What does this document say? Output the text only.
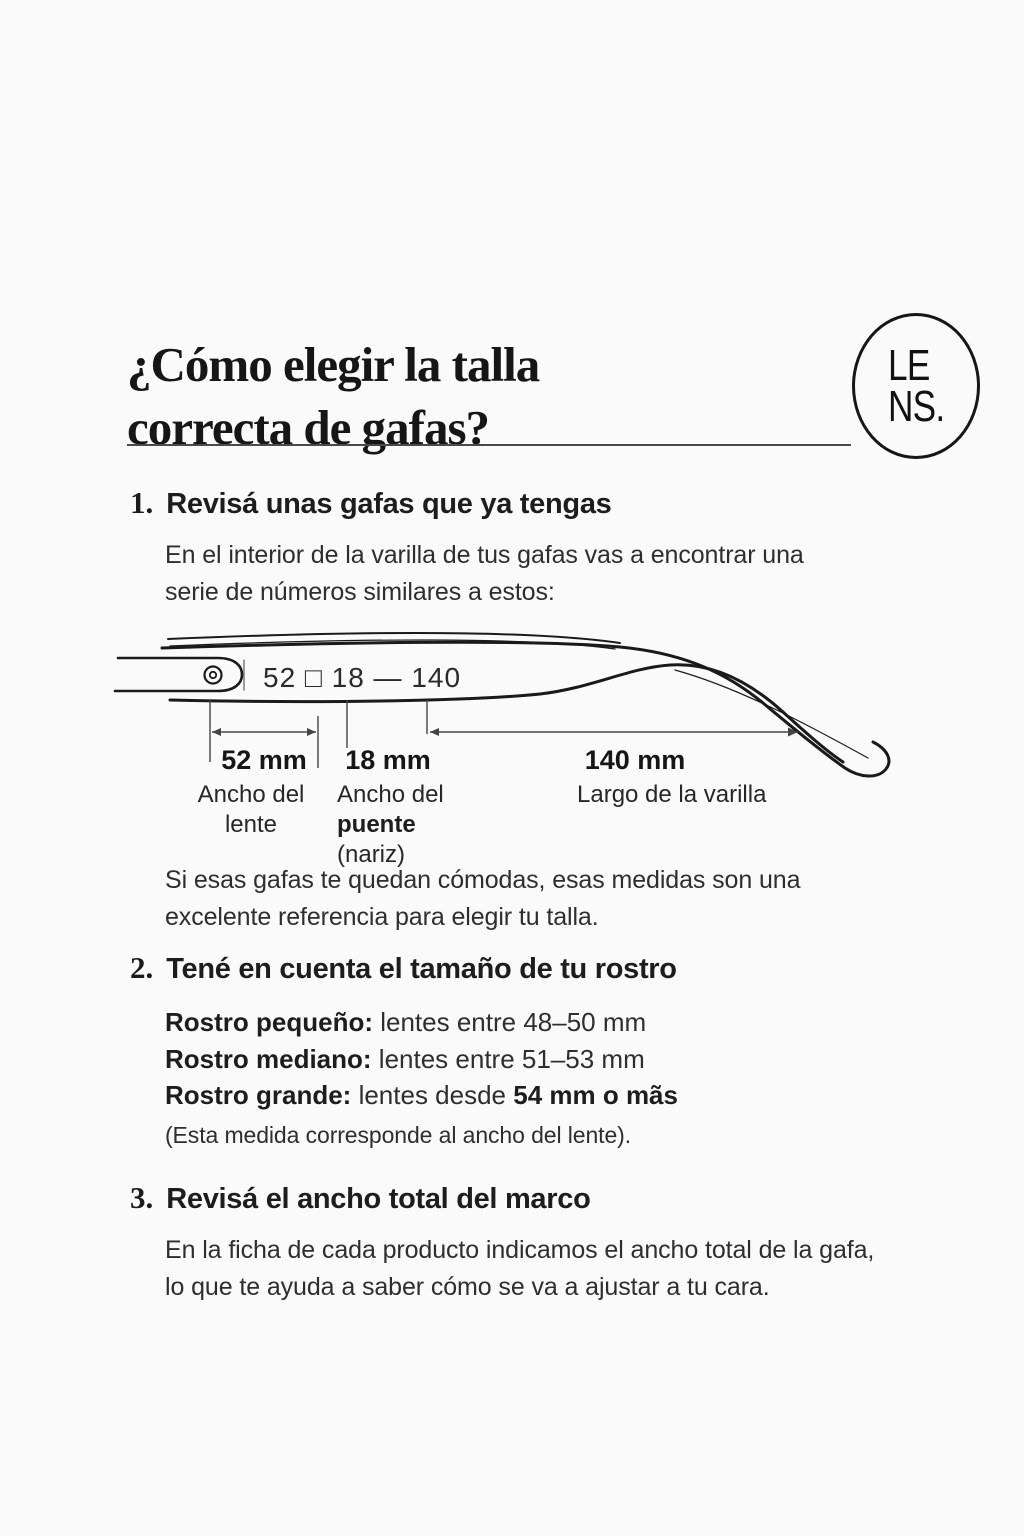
¿Cómo elegir la talla
correcta de gafas?
LE
NS.
1. Revisá unas gafas que ya tengas
En el interior de la varilla de tus gafas vas a encontrar una
serie de números similares a estos:
52 □ 18 — 140
52 mm 18 mm	140 mm
Ancho del
lente
Ancho del
puente
(nariz)
Largo de la varilla
Si esas gafas te quedan cómodas, esas medidas son una
excelente referencia para elegir tu talla.
2. Tené en cuenta el tamaño de tu rostro
Rostro pequeño: lentes entre 48–50 mm
Rostro mediano: lentes entre 51–53 mm
Rostro grande: lentes desde 54 mm o mãs
(Esta medida corresponde al ancho del lente).
3. Revisá el ancho total del marco
En la ficha de cada producto indicamos el ancho total de la gafa,
lo que te ayuda a saber cómo se va a ajustar a tu cara.
